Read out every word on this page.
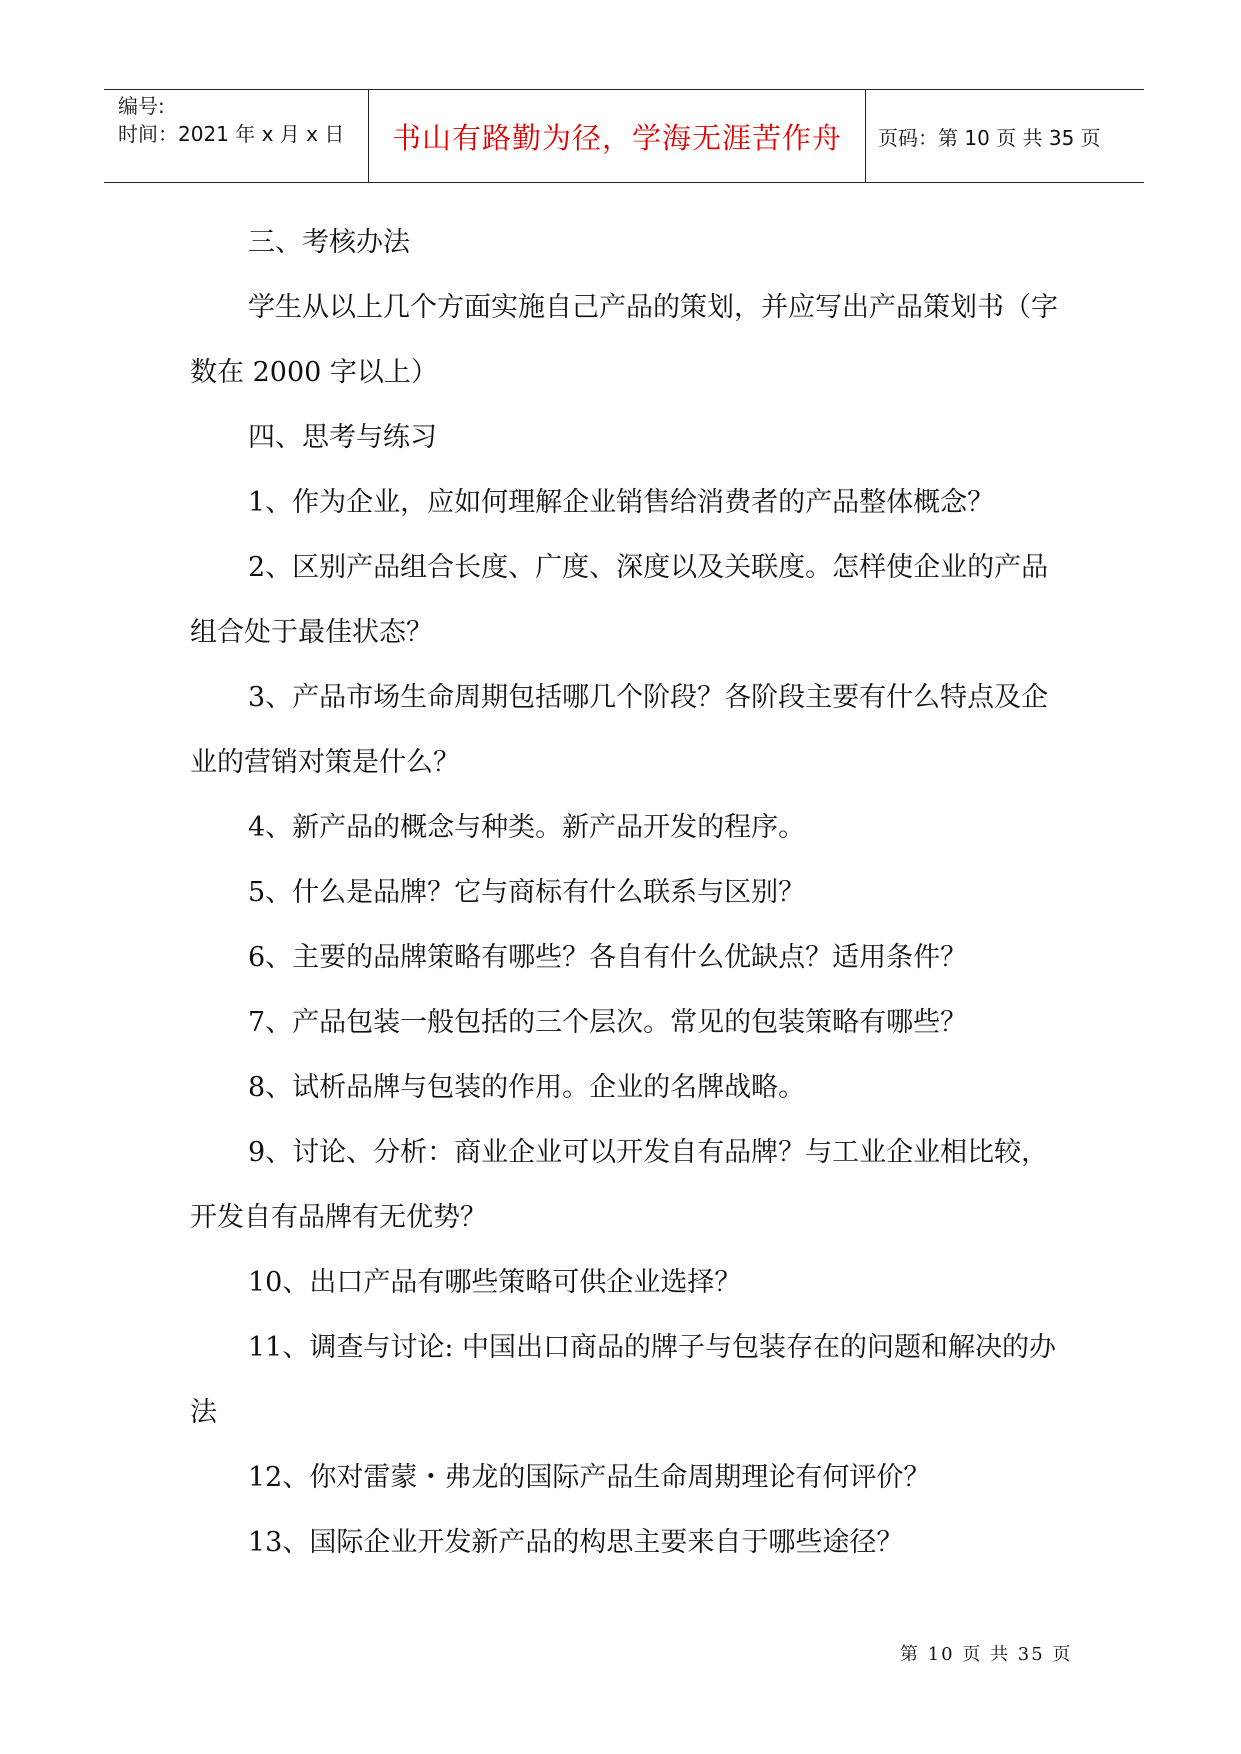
编号:
时间：2021 年 x 月 x 日	书山有路勤为径，学海无涯苦作舟 页码：第 10 页 共 35 页

三、考核办法

学生从以上几个方面实施自己产品的策划，并应写出产品策划书（字数在 2000 字以上）

四、思考与练习

1、作为企业，应如何理解企业销售给消费者的产品整体概念？

2、区别产品组合长度、广度、深度以及关联度。怎样使企业的产品组合处于最佳状态？

3、产品市场生命周期包括哪几个阶段？各阶段主要有什么特点及企业的营销对策是什么？

4、新产品的概念与种类。新产品开发的程序。

5、什么是品牌？它与商标有什么联系与区别？

6、主要的品牌策略有哪些？各自有什么优缺点？适用条件？

7、产品包装一般包括的三个层次。常见的包装策略有哪些？

8、试析品牌与包装的作用。企业的名牌战略。

9、讨论、分析：商业企业可以开发自有品牌？与工业企业相比较，开发自有品牌有无优势？

10、出口产品有哪些策略可供企业选择？

11、调查与讨论: 中国出口商品的牌子与包装存在的问题和解决的办法

12、你对雷蒙・弗龙的国际产品生命周期理论有何评价？

13、国际企业开发新产品的构思主要来自于哪些途径？

第 10 页 共 35 页
